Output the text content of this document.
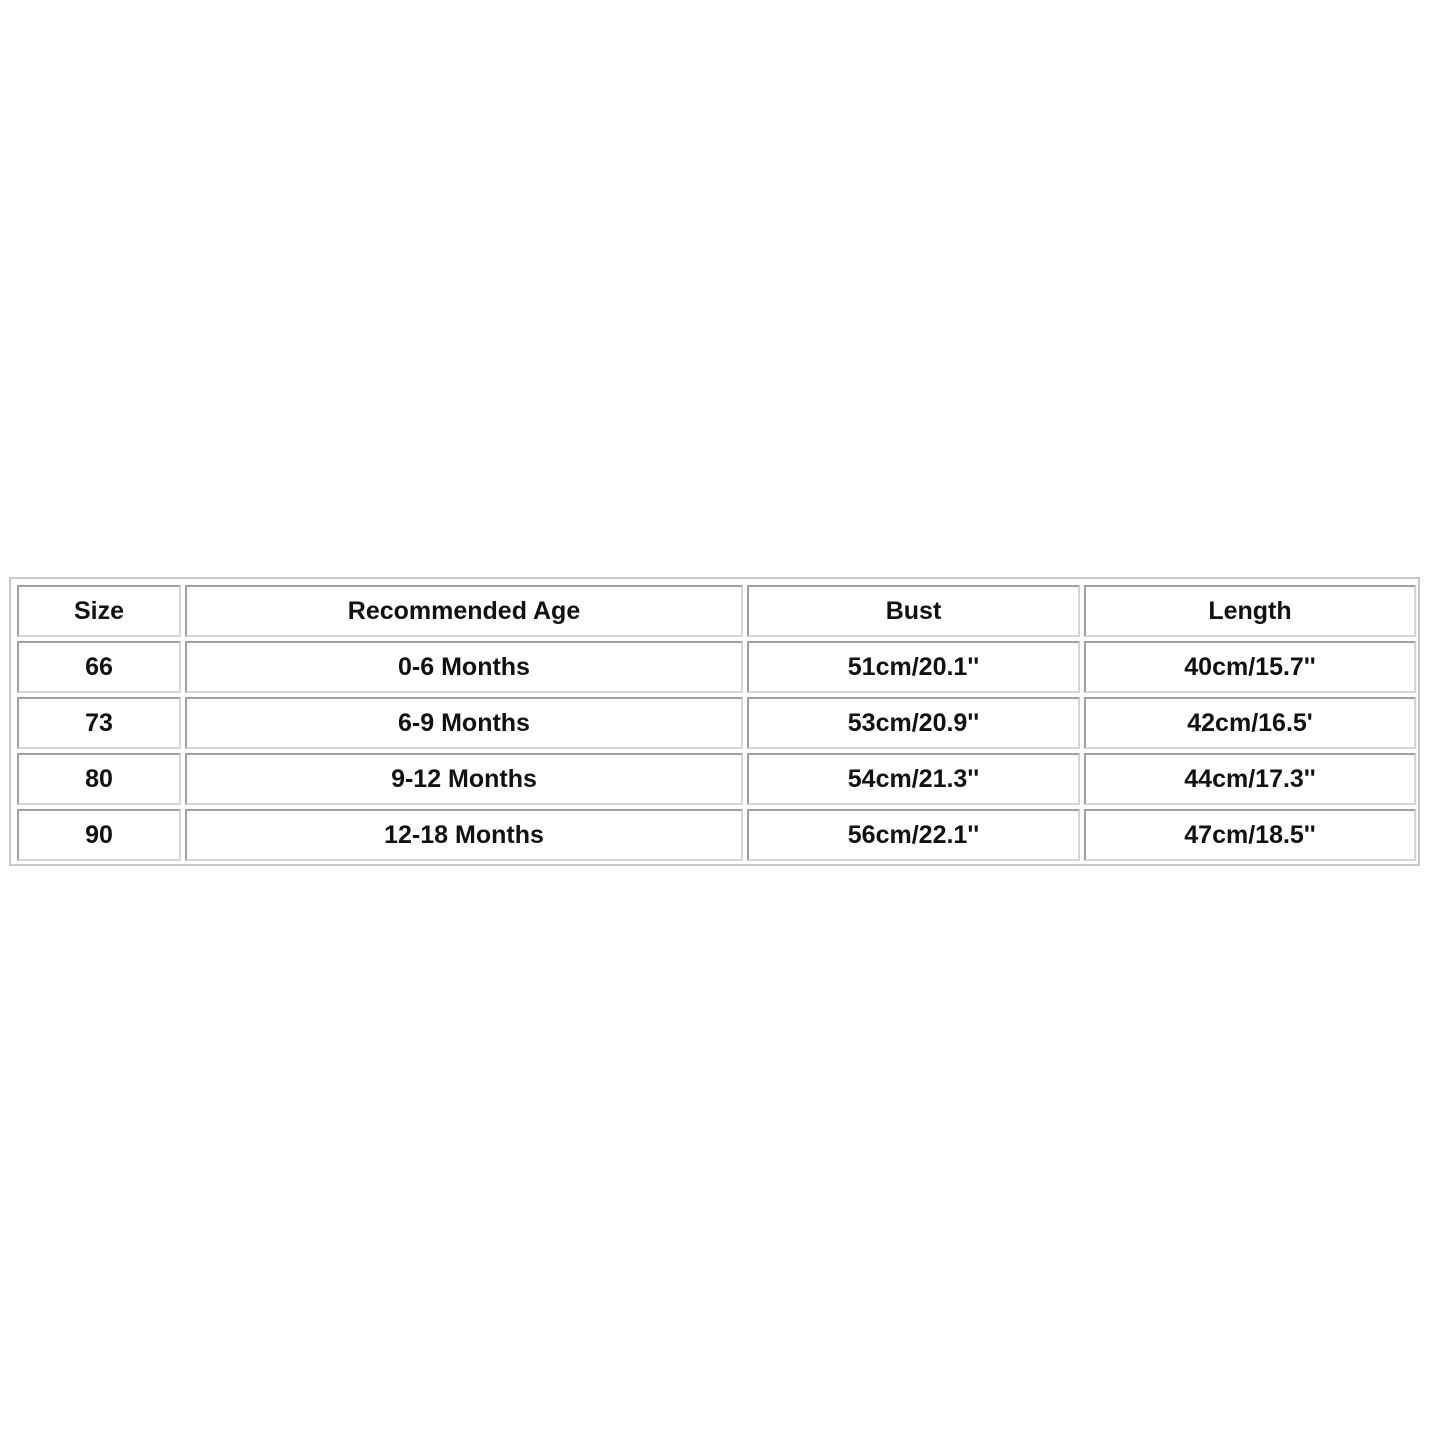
Size	Recommended Age	Bust	Length
66	0-6 Months	51cm/20.1''	40cm/15.7''
73	6-9 Months	53cm/20.9''	42cm/16.5'
80	9-12 Months	54cm/21.3''	44cm/17.3''
90	12-18 Months	56cm/22.1''	47cm/18.5''
